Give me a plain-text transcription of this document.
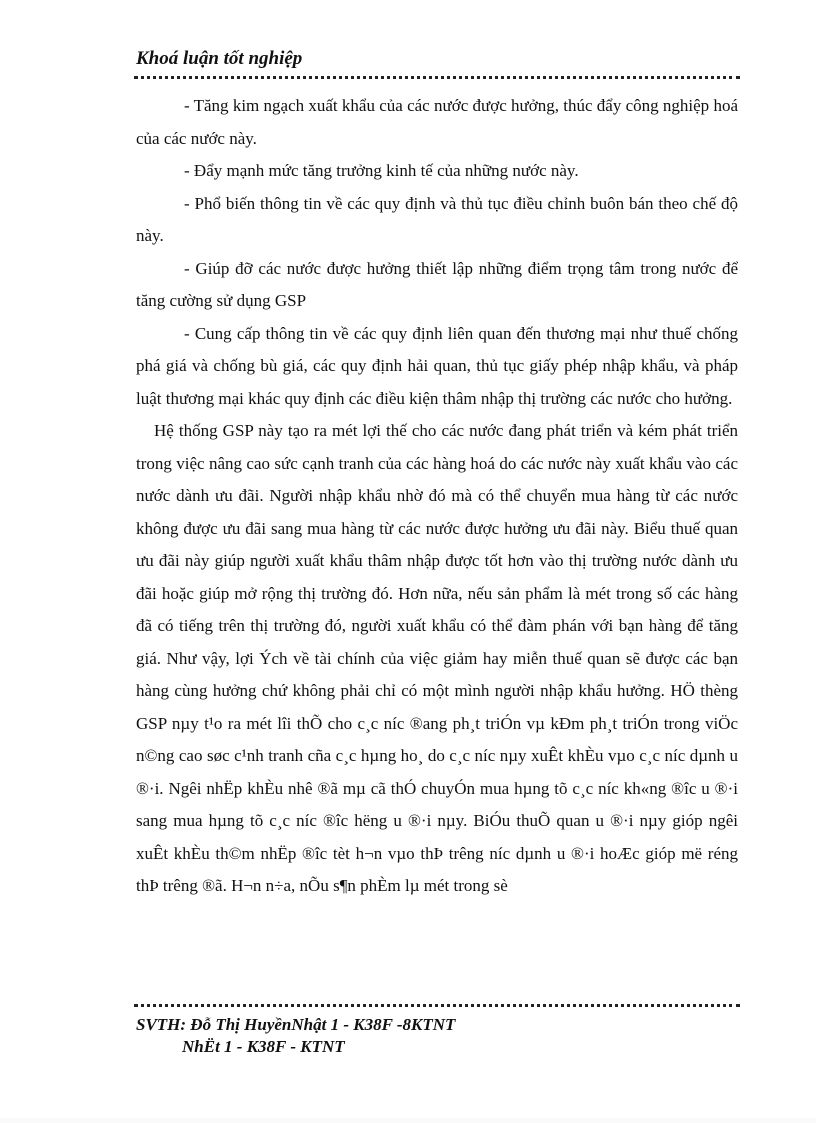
Khoá luận tốt nghiệp

- Tăng kim ngạch xuất khẩu của các nước được hưởng, thúc đẩy công nghiệp hoá của các nước này.

- Đẩy mạnh mức tăng trưởng kinh tế của những nước này.

- Phổ biến thông tin về các quy định và thủ tục điều chỉnh buôn bán theo chế độ này.

- Giúp đỡ các nước được hưởng thiết lập những điểm trọng tâm trong nước để tăng cường sử dụng GSP

- Cung cấp thông tin về các quy định liên quan đến thương mại như thuế chống phá giá và chống bù giá, các quy định hải quan, thủ tục giấy phép nhập khẩu, và pháp luật thương mại khác quy định các điều kiện thâm nhập thị trường các nước cho hưởng.

Hệ thống GSP này tạo ra mét lợi thế cho các nước đang phát triển và kém phát triển trong việc nâng cao sức cạnh tranh của các hàng hoá do các nước này xuất khẩu vào các nước dành ưu đãi. Người nhập khẩu nhờ đó mà có thể chuyển mua hàng từ các nước không được ưu đãi sang mua hàng từ các nước được hưởng ưu đãi này. Biểu thuế quan ưu đãi này giúp người xuất khẩu thâm nhập được tốt hơn vào thị trường nước dành ưu đãi hoặc giúp mở rộng thị trường đó. Hơn nữa, nếu sản phẩm là mét trong số các hàng đã có tiếng trên thị trường đó, người xuất khẩu có thể đàm phán với bạn hàng để tăng giá. Như vậy, lợi Ých về tài chính của việc giảm hay miễn thuế quan sẽ được các bạn hàng cùng hưởng chứ không phải chỉ có một mình người nhập khẩu hưởng. HÖ thèng GSP nµy t¹o ra mét lîi thÕ cho c¸c níc ®ang ph¸t triÓn vµ kÐm ph¸t triÓn trong viÖc n©ng cao søc c¹nh tranh cña c¸c hµng ho¸ do c¸c níc nµy xuÊt khÈu vµo c¸c níc dµnh u ®·i. Ngêi nhËp khÈu nhê ®ã mµ cã thÓ chuyÓn mua hµng tõ c¸c níc kh«ng ®îc u ®·i sang mua hµng tõ c¸c níc ®îc hëng u ®·i nµy. BiÓu thuÕ quan u ®·i nµy gióp ngêi xuÊt khÈu th©m nhËp ®îc tèt h¬n vµo thÞ trêng níc dµnh u ®·i hoÆc gióp më réng thÞ trêng ®ã. H¬n n÷a, nÕu s¶n phÈm lµ mét trong sè

SVTH: Đỗ Thị HuyềnNhật 1 - K38F -8KTNT
NhËt 1 - K38F - KTNT
